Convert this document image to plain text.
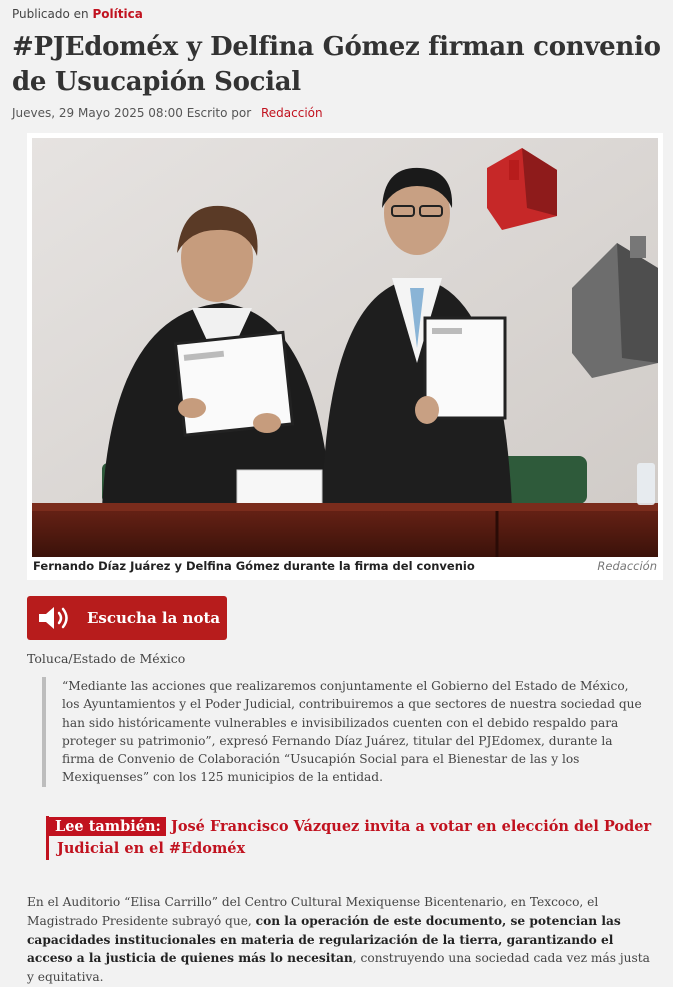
Publicado en Política
#PJEdoméx y Delfina Gómez firman convenio de Usucapión Social
Jueves, 29 Mayo 2025 08:00 Escrito por Redacción
Fernando Díaz Juárez y Delfina Gómez durante la firma del convenio	Redacción
Escucha la nota
Toluca/Estado de México
“Mediante las acciones que realizaremos conjuntamente el Gobierno del Estado de México, los Ayuntamientos y el Poder Judicial, contribuiremos a que sectores de nuestra sociedad que han sido históricamente vulnerables e invisibilizados cuenten con el debido respaldo para proteger su patrimonio”, expresó Fernando Díaz Juárez, titular del PJEdomex, durante la firma de Convenio de Colaboración “Usucapión Social para el Bienestar de las y los Mexiquenses” con los 125 municipios de la entidad.
Lee también: José Francisco Vázquez invita a votar en elección del Poder Judicial en el #Edoméx

En el Auditorio “Elisa Carrillo” del Centro Cultural Mexiquense Bicentenario, en Texcoco, el Magistrado Presidente subrayó que, con la operación de este documento, se potencian las capacidades institucionales en materia de regularización de la tierra, garantizando el acceso a la justicia de quienes más lo necesitan, construyendo una sociedad cada vez más justa y equitativa.
